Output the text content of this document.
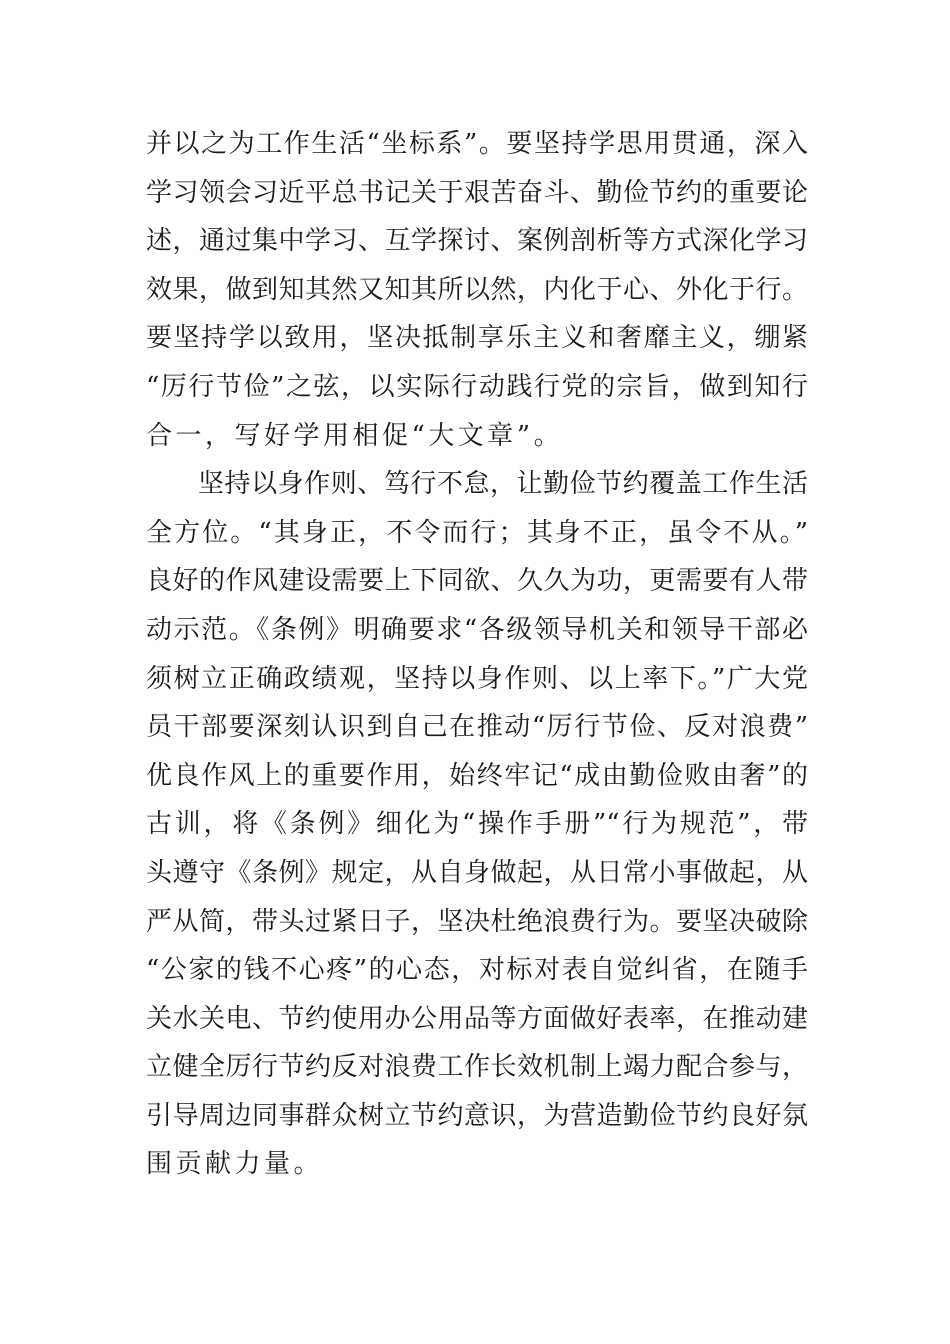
并以之为工作生活“坐标系”。要坚持学思用贯通，深入
学习领会习近平总书记关于艰苦奋斗、勤俭节约的重要论
述，通过集中学习、互学探讨、案例剖析等方式深化学习
效果，做到知其然又知其所以然，内化于心、外化于行。
要坚持学以致用，坚决抵制享乐主义和奢靡主义，绷紧
“厉行节俭”之弦，以实际行动践行党的宗旨，做到知行
合一，写好学用相促“大文章”。
坚持以身作则、笃行不怠，让勤俭节约覆盖工作生活
全方位。“其身正，不令而行；其身不正，虽令不从。”
良好的作风建设需要上下同欲、久久为功，更需要有人带
动示范。《条例》明确要求“各级领导机关和领导干部必
须树立正确政绩观，坚持以身作则、以上率下。”广大党
员干部要深刻认识到自己在推动“厉行节俭、反对浪费”
优良作风上的重要作用，始终牢记“成由勤俭败由奢”的
古训，将《条例》细化为“操作手册”“行为规范”，带
头遵守《条例》规定，从自身做起，从日常小事做起，从
严从简，带头过紧日子，坚决杜绝浪费行为。要坚决破除
“公家的钱不心疼”的心态，对标对表自觉纠省，在随手
关水关电、节约使用办公用品等方面做好表率，在推动建
立健全厉行节约反对浪费工作长效机制上竭力配合参与，
引导周边同事群众树立节约意识，为营造勤俭节约良好氛
围贡献力量。
